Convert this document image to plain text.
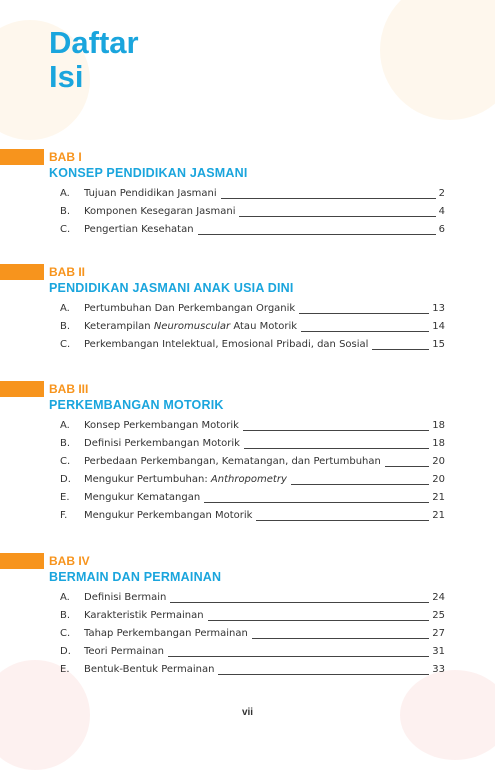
Daftar
Isi
BAB I
KONSEP PENDIDIKAN JASMANI
A. Tujuan Pendidikan Jasmani	2
B. Komponen Kesegaran Jasmani	4
C. Pengertian Kesehatan	6
BAB II
PENDIDIKAN JASMANI ANAK USIA DINI
A. Pertumbuhan Dan Perkembangan Organik	13
B. Keterampilan Neuromuscular Atau Motorik	14
C. Perkembangan Intelektual, Emosional Pribadi, dan Sosial	15
BAB III
PERKEMBANGAN MOTORIK
A. Konsep Perkembangan Motorik	18
B. Definisi Perkembangan Motorik	18
C. Perbedaan Perkembangan, Kematangan, dan Pertumbuhan	20
D. Mengukur Pertumbuhan: Anthropometry	20
E. Mengukur Kematangan	21
F. Mengukur Perkembangan Motorik	21
BAB IV
BERMAIN DAN PERMAINAN
A. Definisi Bermain	24
B. Karakteristik Permainan	25
C. Tahap Perkembangan Permainan	27
D. Teori Permainan	31
E. Bentuk-Bentuk Permainan	33
vii
